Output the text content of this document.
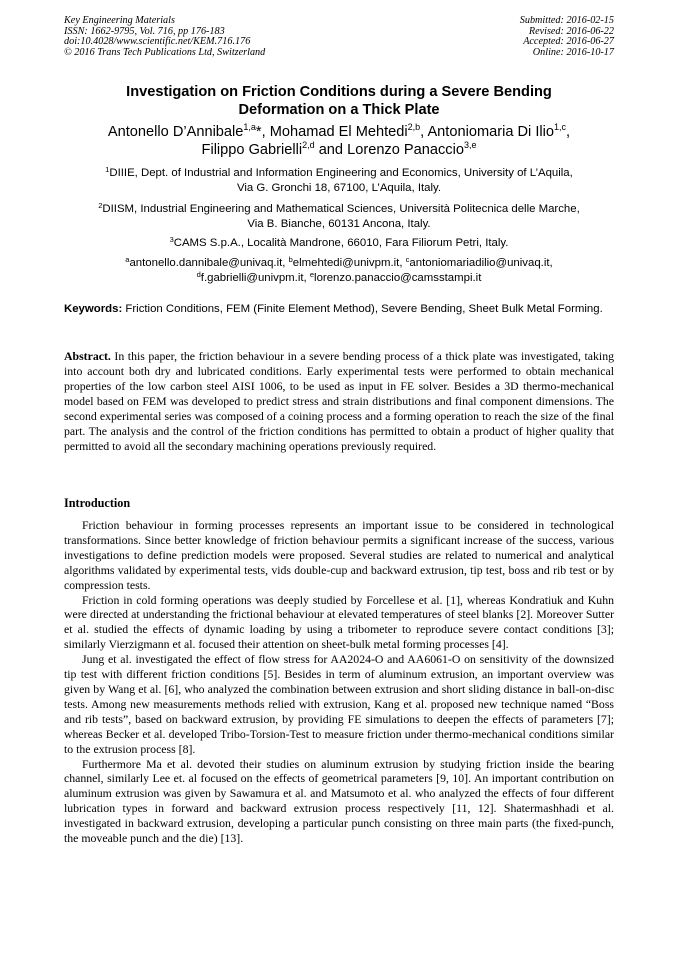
Key Engineering Materials
ISSN: 1662-9795, Vol. 716, pp 176-183
doi:10.4028/www.scientific.net/KEM.716.176
© 2016 Trans Tech Publications Ltd, Switzerland
Submitted: 2016-02-15
Revised: 2016-06-22
Accepted: 2016-06-27
Online: 2016-10-17
Investigation on Friction Conditions during a Severe Bending
Deformation on a Thick Plate
Antonello D’Annibale$^{1,a}$*, Mohamad El Mehtedi$^{2,b}$, Antoniomaria Di Ilio$^{1,c}$,
Filippo Gabrielli$^{2,d}$ and Lorenzo Panaccio$^{3,e}$
$^1$DIIIE, Dept. of Industrial and Information Engineering and Economics, University of L’Aquila,
Via G. Gronchi 18, 67100, L’Aquila, Italy.
$^2$DIISM, Industrial Engineering and Mathematical Sciences, Università Politecnica delle Marche,
Via B. Bianche, 60131 Ancona, Italy.
$^3$CAMS S.p.A., Località Mandrone, 66010, Fara Filiorum Petri, Italy.
$^a$antonello.dannibale@univaq.it, $^b$elmehtedi@univpm.it, $^c$antoniomariadilio@univaq.it,
$^d$f.gabrielli@univpm.it, $^e$lorenzo.panaccio@camsstampi.it
Keywords: Friction Conditions, FEM (Finite Element Method), Severe Bending, Sheet Bulk Metal Forming.
Abstract. In this paper, the friction behaviour in a severe bending process of a thick plate was investigated, taking into account both dry and lubricated conditions. Early experimental tests were performed to obtain mechanical properties of the low carbon steel AISI 1006, to be used as input in FE solver. Besides a 3D thermo-mechanical model based on FEM was developed to predict stress and strain distributions and final component dimensions. The second experimental series was composed of a coining process and a forming operation to reach the size of the final part. The analysis and the control of the friction conditions has permitted to obtain a product of higher quality that permitted to avoid all the secondary machining operations previously required.
Introduction

Friction behaviour in forming processes represents an important issue to be considered in technological transformations. Since better knowledge of friction behaviour permits a significant increase of the success, various investigations to define prediction models were proposed. Several studies are related to numerical and analytical algorithms validated by experimental tests, vids double-cup and backward extrusion, tip test, boss and rib test or by compression tests.

Friction in cold forming operations was deeply studied by Forcellese et al. [1], whereas Kondratiuk and Kuhn were directed at understanding the frictional behaviour at elevated temperatures of steel blanks [2]. Moreover Sutter et al. studied the effects of dynamic loading by using a tribometer to reproduce severe contact conditions [3]; similarly Vierzigmann et al. focused their attention on sheet-bulk metal forming processes [4].

Jung et al. investigated the effect of flow stress for AA2024-O and AA6061-O on sensitivity of the downsized tip test with different friction conditions [5]. Besides in term of aluminum extrusion, an important overview was given by Wang et al. [6], who analyzed the combination between extrusion and short sliding distance in ball-on-disc tests. Among new measurements methods relied with extrusion, Kang et al. proposed new technique named “Boss and rib tests”, based on backward extrusion, by providing FE simulations to deepen the effects of parameters [7]; whereas Becker et al. developed Tribo-Torsion-Test to measure friction under thermo-mechanical conditions similar to the extrusion process [8].

Furthermore Ma et al. devoted their studies on aluminum extrusion by studying friction inside the bearing channel, similarly Lee et. al focused on the effects of geometrical parameters [9, 10]. An important contribution on aluminum extrusion was given by Sawamura et al. and Matsumoto et al. who analyzed the effects of four different lubrication types in forward and backward extrusion process respectively [11, 12]. Shatermashhadi et al. investigated in backward extrusion, developing a particular punch consisting on three main parts (the fixed-punch, the moveable punch and the die) [13].
